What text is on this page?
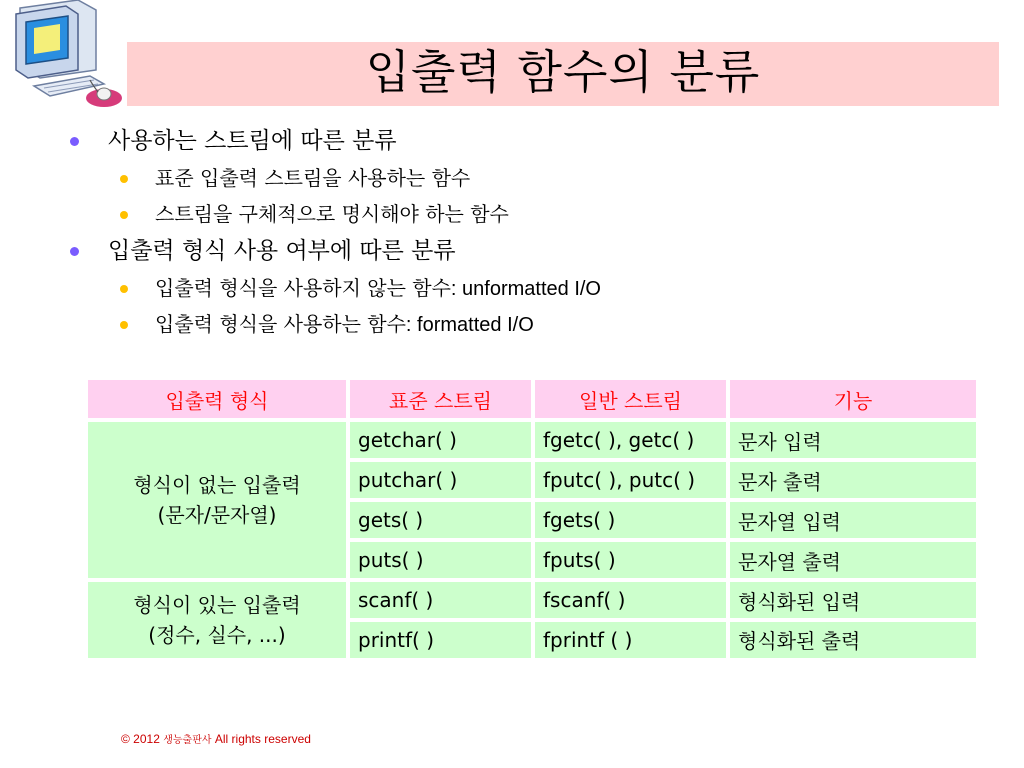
입출력 함수의 분류
사용하는 스트림에 따른 분류
표준 입출력 스트림을 사용하는 함수
스트림을 구체적으로 명시해야 하는 함수
입출력 형식 사용 여부에 따른 분류
입출력 형식을 사용하지 않는 함수: unformatted I/O
입출력 형식을 사용하는 함수: formatted I/O
입출력 형식	표준 스트림	일반 스트림	기능

형식이 없는 입출력
(문자/문자열)	getchar( )	fgetc( ), getc( )	문자 입력
	putchar( )	fputc( ), putc( )	문자 출력
	gets( )	fgets( )	문자열 입력
	puts( )	fputs( )	문자열 출력

형식이 있는 입출력
(정수, 실수, ...)	scanf( )	fscanf( )	형식화된 입력
	printf( )	fprintf ( )	형식화된 출력
© 2012 생능출판사 All rights reserved
